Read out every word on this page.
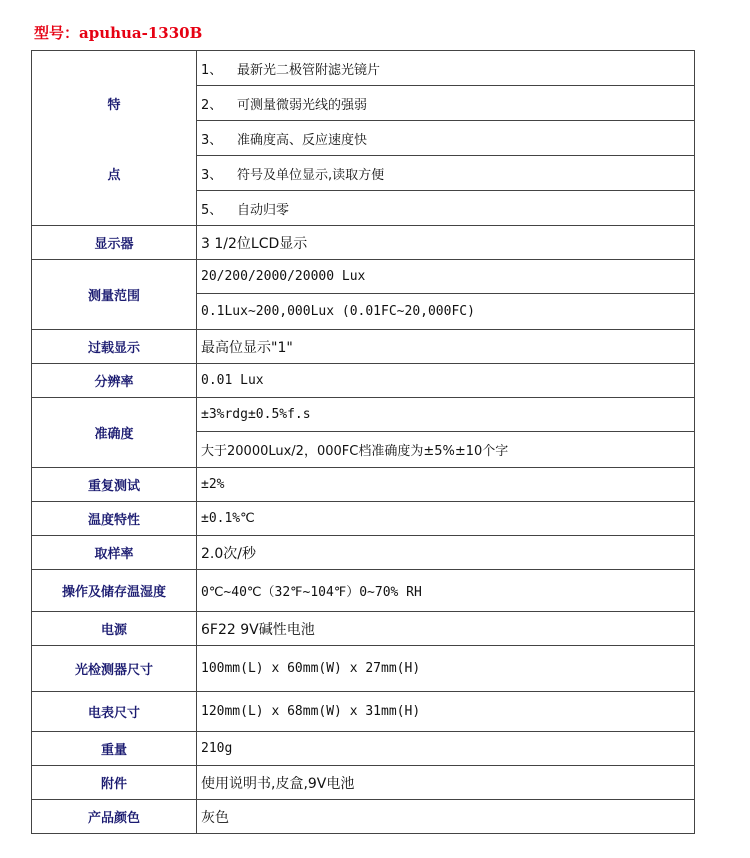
型号：apuhua-1330B
特
点	1、 最新光二极管附滤光镜片
	2、 可测量微弱光线的强弱
	3、 准确度高、反应速度快
	3、 符号及单位显示,读取方便
	5、 自动归零
显示器	3 1/2位LCD显示
测量范围	20/200/2000/20000 Lux
	0.1Lux~200,000Lux (0.01FC~20,000FC)
过载显示	最高位显示"1"
分辨率	0.01 Lux
准确度	±3%rdg±0.5%f.s
	大于20000Lux/2，000FC档准确度为±5%±10个字
重复测试	±2%
温度特性	±0.1%℃
取样率	2.0次/秒
操作及储存温湿度	0℃~40℃（32℉~104℉）0~70% RH
电源	6F22 9V碱性电池
光检测器尺寸	100mm(L) x 60mm(W) x 27mm(H)
电表尺寸	120mm(L) x 68mm(W) x 31mm(H)
重量	210g
附件	使用说明书,皮盒,9V电池
产品颜色	灰色
